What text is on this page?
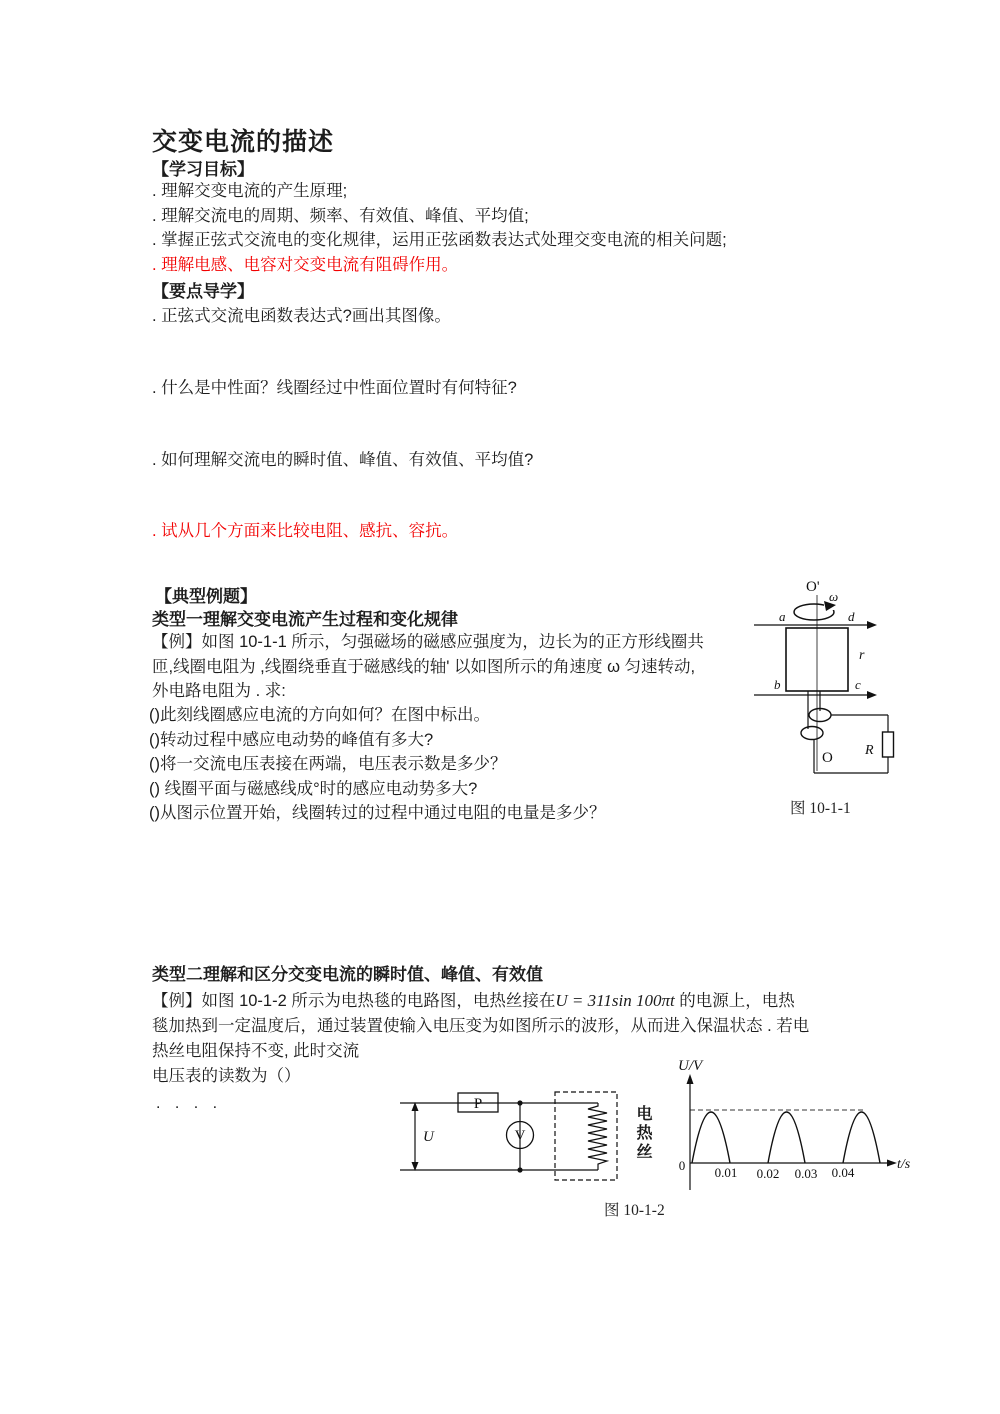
交变电流的描述
【学习目标】
. 理解交变电流的产生原理;
. 理解交流电的周期、频率、有效值、峰值、平均值;
. 掌握正弦式交流电的变化规律，运用正弦函数表达式处理交变电流的相关问题;
. 理解电感、电容对交变电流有阻碍作用。
【要点导学】
. 正弦式交流电函数表达式?画出其图像。
. 什么是中性面？线圈经过中性面位置时有何特征?
. 如何理解交流电的瞬时值、峰值、有效值、平均值?
. 试从几个方面来比较电阻、感抗、容抗。
【典型例题】
类型一理解交变电流产生过程和变化规律
【例】如图 10-1-1 所示，匀强磁场的磁感应强度为，边长为的正方形线圈共
匝,线圈电阻为 ,线圈绕垂直于磁感线的轴' 以如图所示的角速度 ω 匀速转动,
外电路电阻为 . 求:
()此刻线圈感应电流的方向如何？在图中标出。
()转动过程中感应电动势的峰值有多大?
()将一交流电压表接在两端，电压表示数是多少？
() 线圈平面与磁感线成°时的感应电动势多大?
()从图示位置开始，线圈转过的过程中通过电阻的电量是多少？
O'
ω
a	d
b	c
r
R
O
图 10-1-1
类型二理解和区分交变电流的瞬时值、峰值、有效值
【例】如图 10-1-2 所示为电热毯的电路图，电热丝接在U = 311sin 100πt 的电源上，电热
毯加热到一定温度后，通过装置使输入电压变为如图所示的波形，从而进入保温状态 . 若电
热丝电阻保持不变, 此时交流
电压表的读数为（）
. . . .
U
P
V	电热丝
U/V
t/s
0 0.01 0.02 0.03 0.04
图 10-1-2
